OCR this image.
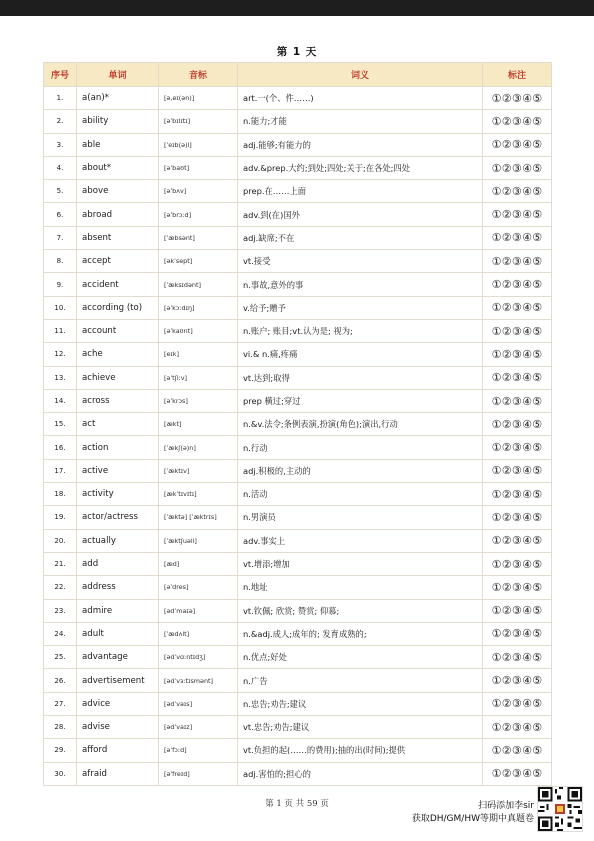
第 1 天
序号	单词	音标	词义	标注
1.	a(an)*	[ə,eɪ(ən)]	art.一(个、件……)	①②③④⑤
2.	ability	[əˈbɪlɪtɪ]	n.能力;才能	①②③④⑤
3.	able	[ˈeɪb(ə)l]	adj.能够;有能力的	①②③④⑤
4.	about*	[əˈbaʊt]	adv.&prep.大约;到处;四处;关于;在各处;四处	①②③④⑤
5.	above	[əˈbʌv]	prep.在……上面	①②③④⑤
6.	abroad	[əˈbrɔːd]	adv.到(在)国外	①②③④⑤
7.	absent	[ˈæbsənt]	adj.缺席;不在	①②③④⑤
8.	accept	[əkˈsept]	vt.接受	①②③④⑤
9.	accident	[ˈæksɪdənt]	n.事故,意外的事	①②③④⑤
10.	according (to)	[əˈkɔːdɪŋ]	v.给予;赠予	①②③④⑤
11.	account	[əˈkaʊnt]	n.账户; 账目;vt.认为是; 视为;	①②③④⑤
12.	ache	[eɪk]	vi.& n.痛,疼痛	①②③④⑤
13.	achieve	[əˈtʃiːv]	vt.达到;取得	①②③④⑤
14.	across	[əˈkrɔs]	prep 横过;穿过	①②③④⑤
15.	act	[ækt]	n.&v.法令;条例表演,扮演(角色);演出,行动	①②③④⑤
16.	action	[ˈækʃ(ə)n]	n.行动	①②③④⑤
17.	active	[ˈæktɪv]	adj.积极的,主动的	①②③④⑤
18.	activity	[ækˈtɪvɪtɪ]	n.活动	①②③④⑤
19.	actor/actress	[ˈæktə] [ˈæktrɪs]	n.男演员	①②③④⑤
20.	actually	[ˈæktʃuəli]	adv.事实上	①②③④⑤
21.	add	[æd]	vt.增添;增加	①②③④⑤
22.	address	[əˈdres]	n.地址	①②③④⑤
23.	admire	[ədˈmaɪə]	vt.钦佩; 欣赏; 赞赏; 仰慕;	①②③④⑤
24.	adult	[ˈædʌlt]	n.&adj.成人;成年的; 发育成熟的;	①②③④⑤
25.	advantage	[ədˈvɑːntɪdʒ]	n.优点;好处	①②③④⑤
26.	advertisement	[ədˈvɜːtɪsmənt]	n.广告	①②③④⑤
27.	advice	[ədˈvaɪs]	n.忠告;劝告;建议	①②③④⑤
28.	advise	[ədˈvaɪz]	vt.忠告;劝告;建议	①②③④⑤
29.	afford	[əˈfɔːd]	vt.负担的起(……的费用);抽的出(时间);提供	①②③④⑤
30.	afraid	[əˈfreɪd]	adj.害怕的;担心的	①②③④⑤
第 1 页 共 59 页	扫码添加李sir
获取DH/GM/HW等期中真题卷
